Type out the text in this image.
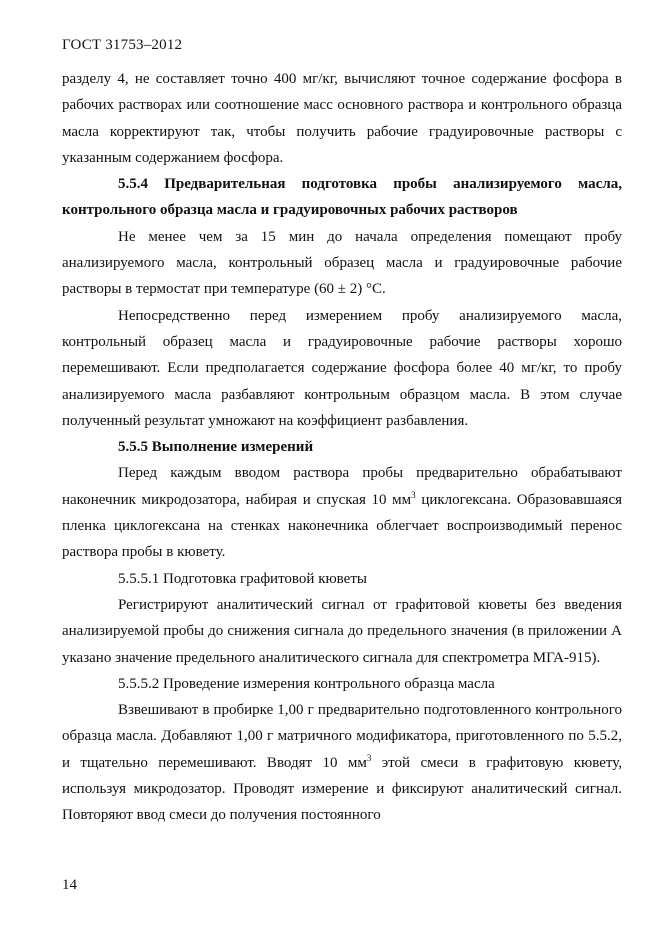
ГОСТ 31753–2012

разделу 4, не составляет точно 400 мг/кг, вычисляют точное содержание фосфора в рабочих растворах или соотношение масс основного раствора и контрольного образца масла корректируют так, чтобы получить рабочие градуировочные растворы с указанным содержанием фосфора.

5.5.4 Предварительная подготовка пробы анализируемого масла, контрольного образца масла и градуировочных рабочих растворов

Не менее чем за 15 мин до начала определения помещают пробу анализируемого масла, контрольный образец масла и градуировочные рабочие растворы в термостат при температуре (60 ± 2) °С.

Непосредственно перед измерением пробу анализируемого масла, контрольный образец масла и градуировочные рабочие растворы хорошо перемешивают. Если предполагается содержание фосфора более 40 мг/кг, то пробу анализируемого масла разбавляют контрольным образцом масла. В этом случае полученный результат умножают на коэффициент разбавления.

5.5.5 Выполнение измерений

Перед каждым вводом раствора пробы предварительно обрабатывают наконечник микродозатора, набирая и спуская 10 $мм^3$ циклогексана. Образовавшаяся пленка циклогексана на стенках наконечника облегчает воспроизводимый перенос раствора пробы в кювету.

5.5.5.1 Подготовка графитовой кюветы

Регистрируют аналитический сигнал от графитовой кюветы без введения анализируемой пробы до снижения сигнала до предельного значения (в приложении А указано значение предельного аналитического сигнала для спектрометра МГА-915).

5.5.5.2 Проведение измерения контрольного образца масла

Взвешивают в пробирке 1,00 г предварительно подготовленного контрольного образца масла. Добавляют 1,00 г матричного модификатора, приготовленного по 5.5.2, и тщательно перемешивают. Вводят 10 $мм^3$ этой смеси в графитовую кювету, используя микродозатор. Проводят измерение и фиксируют аналитический сигнал. Повторяют ввод смеси до получения постоянного

14
